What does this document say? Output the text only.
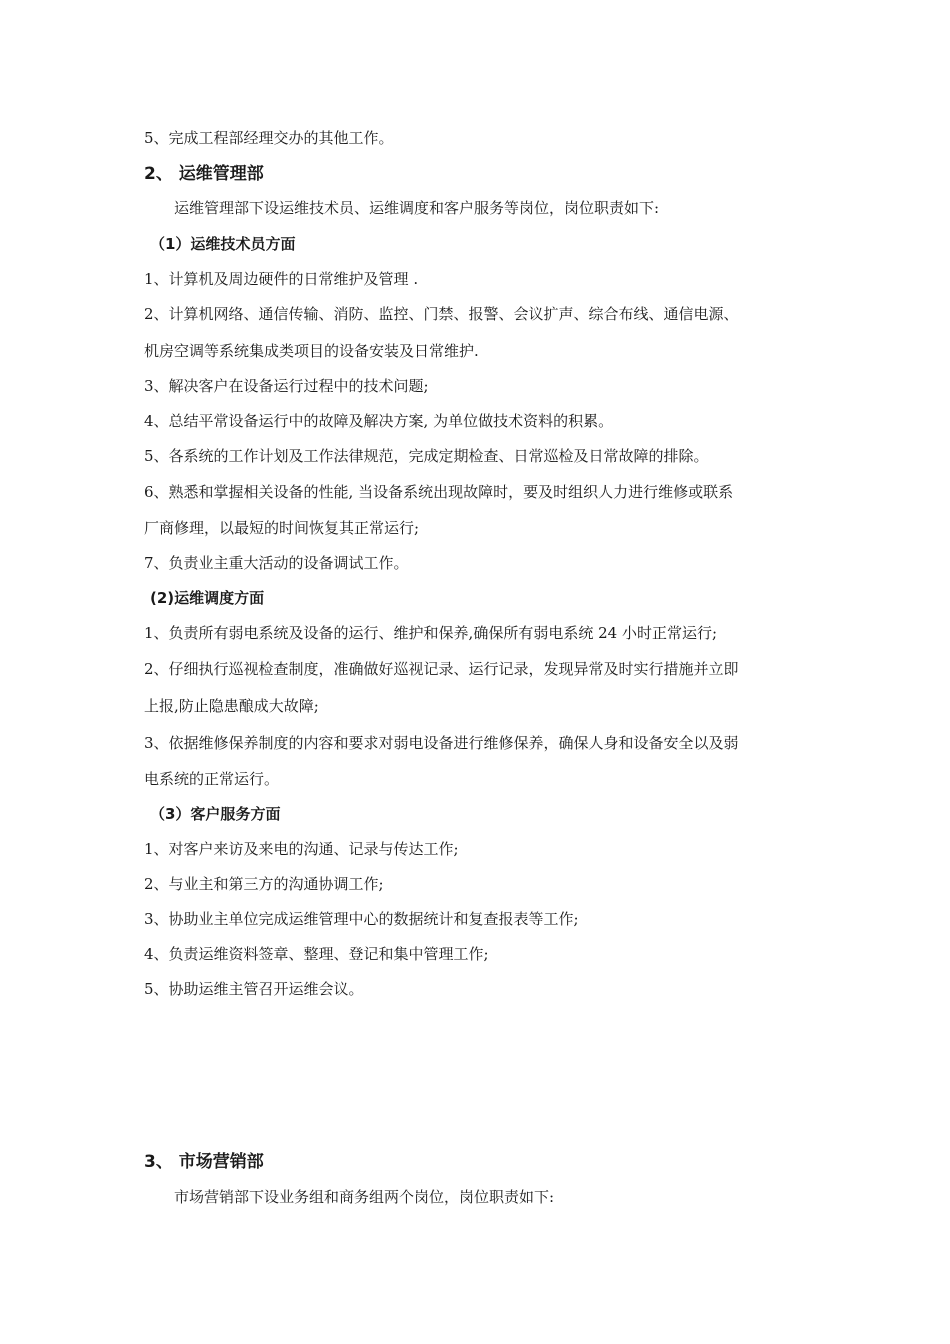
5、完成工程部经理交办的其他工作。
2、 运维管理部
运维管理部下设运维技术员、运维调度和客户服务等岗位，岗位职责如下:
（1）运维技术员方面
1、计算机及周边硬件的日常维护及管理 .
2、计算机网络、通信传输、消防、监控、门禁、报警、会议扩声、综合布线、通信电源、
机房空调等系统集成类项目的设备安装及日常维护.
3、解决客户在设备运行过程中的技术问题;
4、总结平常设备运行中的故障及解决方案, 为单位做技术资料的积累。
5、各系统的工作计划及工作法律规范，完成定期检查、日常巡检及日常故障的排除。
6、熟悉和掌握相关设备的性能, 当设备系统出现故障时，要及时组织人力进行维修或联系
厂商修理，以最短的时间恢复其正常运行;
7、负责业主重大活动的设备调试工作。
(2)运维调度方面
1、负责所有弱电系统及设备的运行、维护和保养,确保所有弱电系统 24 小时正常运行;
2、仔细执行巡视检查制度，准确做好巡视记录、运行记录，发现异常及时实行措施并立即
上报,防止隐患酿成大故障;
3、依据维修保养制度的内容和要求对弱电设备进行维修保养，确保人身和设备安全以及弱
电系统的正常运行。
（3）客户服务方面
1、对客户来访及来电的沟通、记录与传达工作;
2、与业主和第三方的沟通协调工作;
3、协助业主单位完成运维管理中心的数据统计和复查报表等工作;
4、负责运维资料签章、整理、登记和集中管理工作;
5、协助运维主管召开运维会议。
3、 市场营销部
市场营销部下设业务组和商务组两个岗位，岗位职责如下:
